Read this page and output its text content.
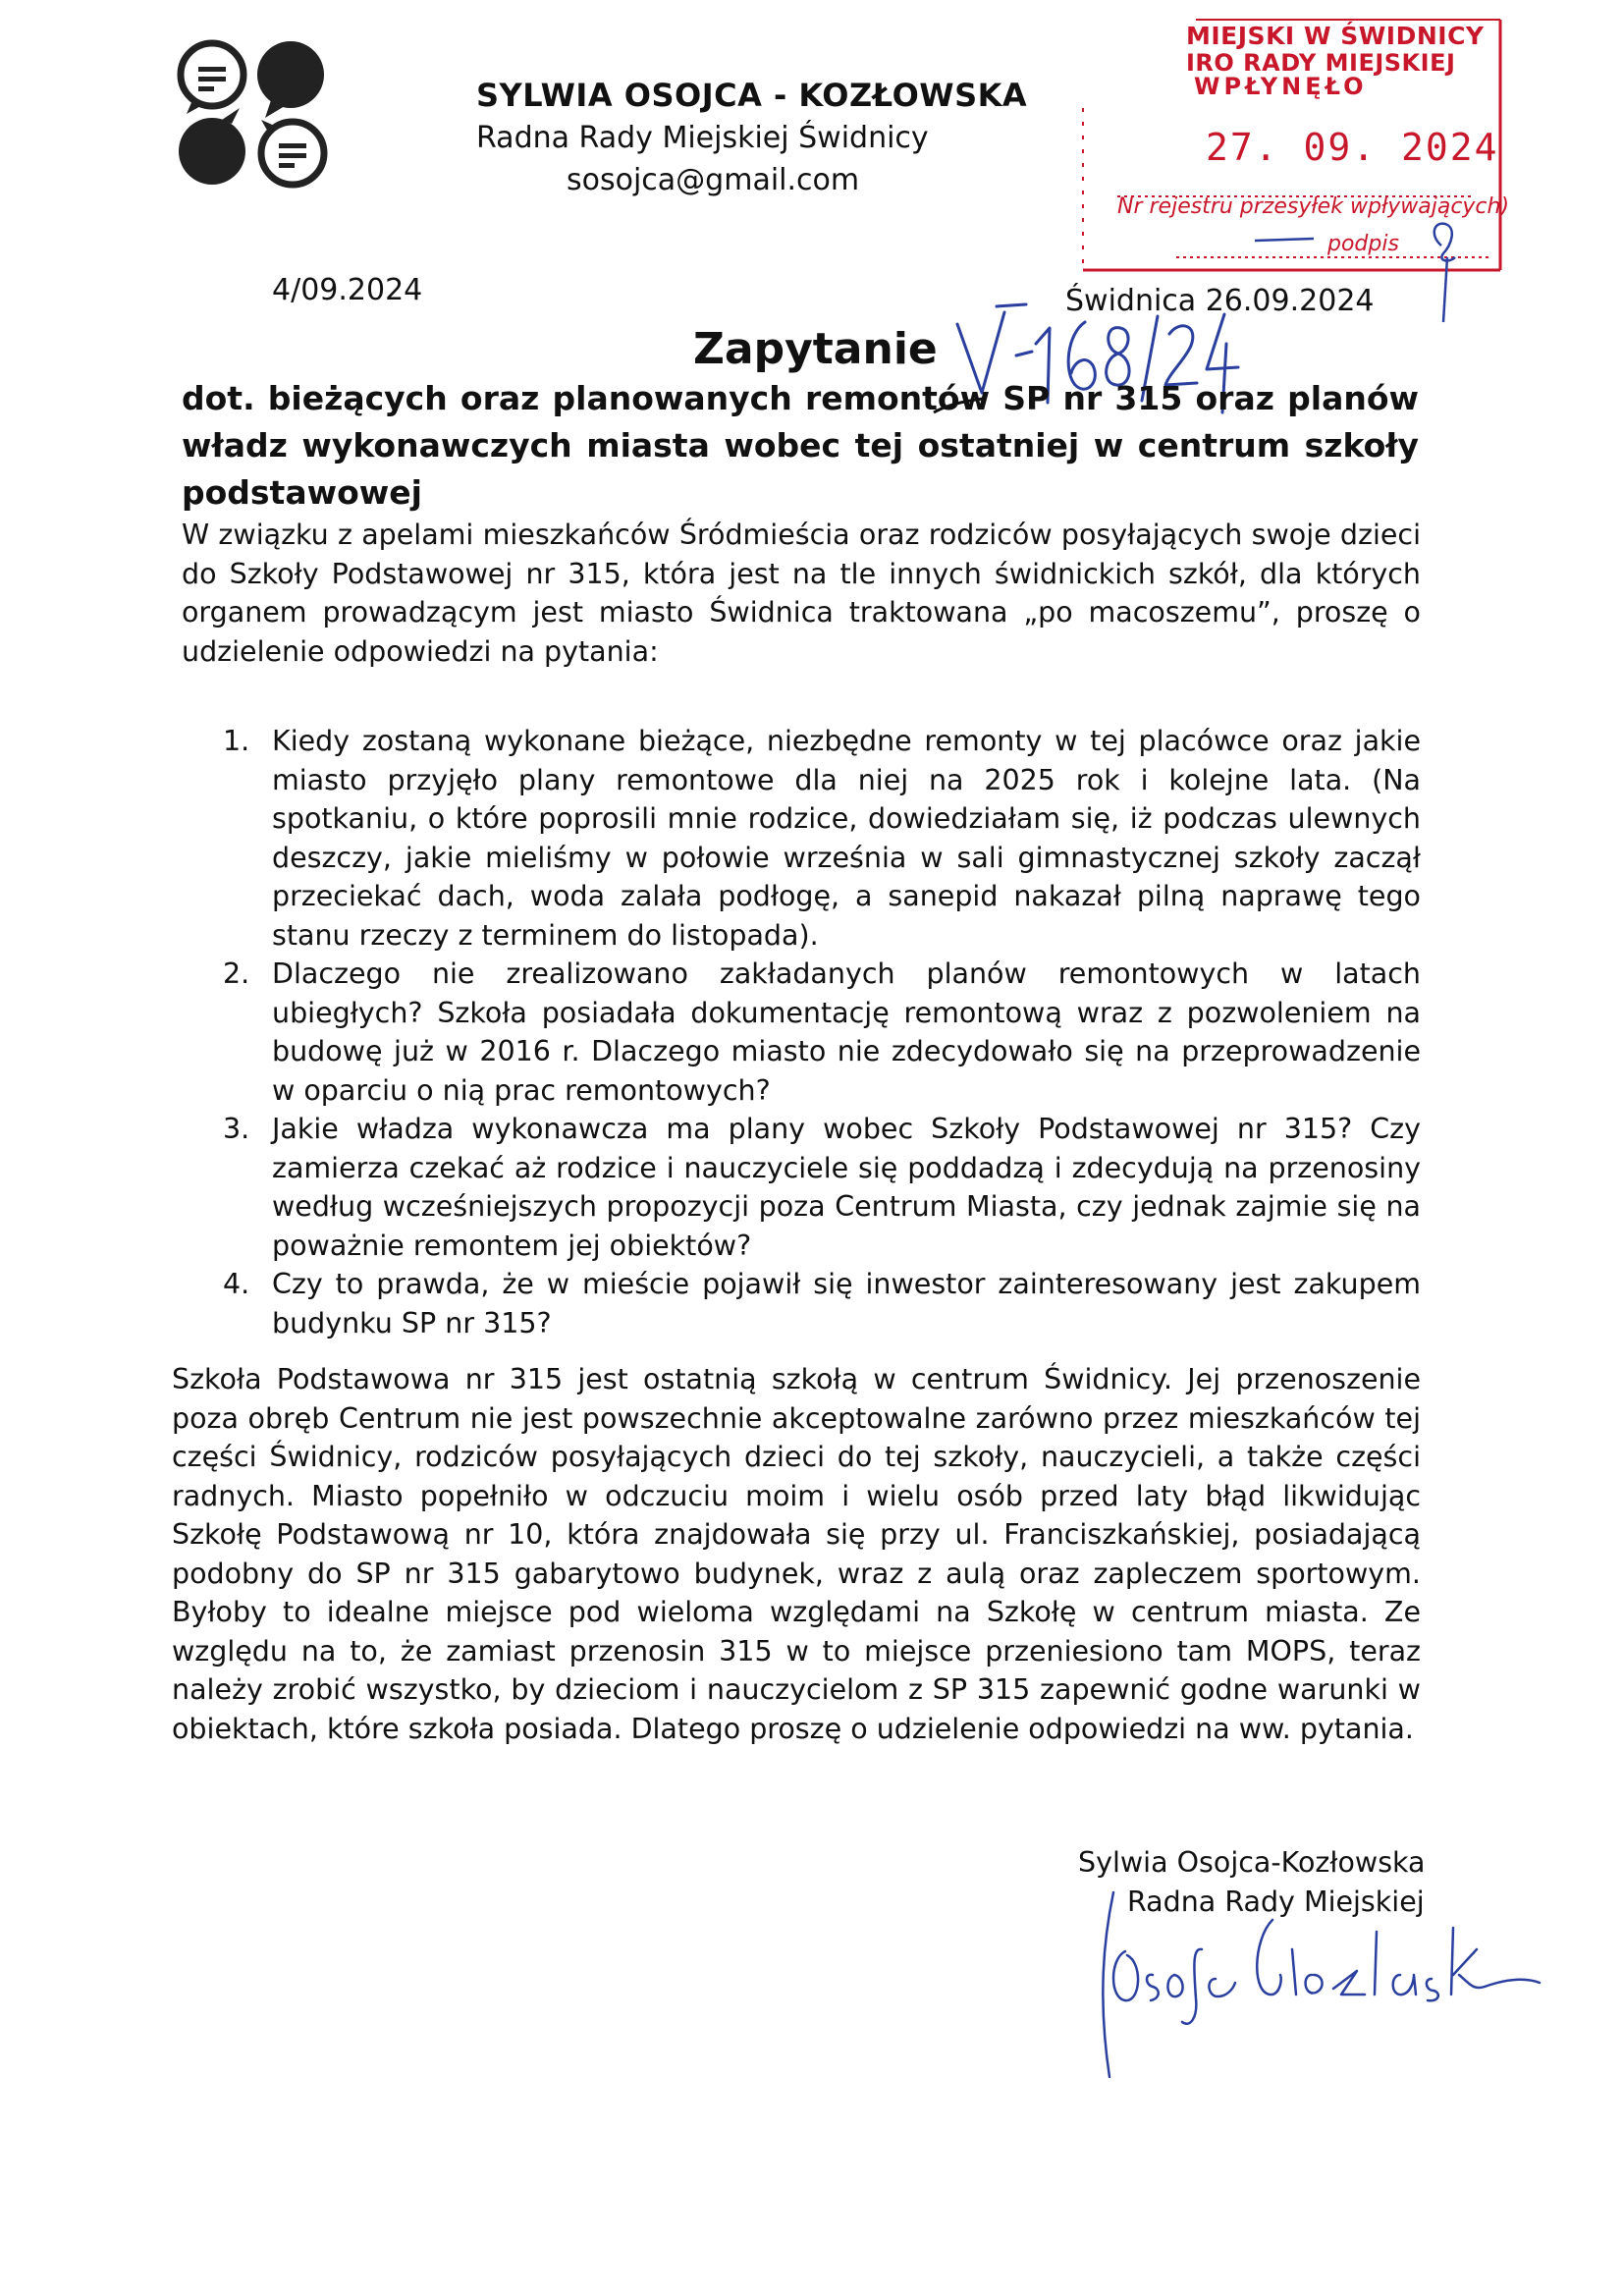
SYLWIA OSOJCA - KOZŁOWSKA
Radna Rady Miejskiej Świdnicy
sosojca@gmail.com
MIEJSKI W ŚWIDNICY
IRO RADY MIEJSKIEJ
WPŁYNĘŁO
27. 09. 2024
Nr rejestru przesyłek wpływających)
podpis
4/09.2024	Świdnica 26.09.2024
Zapytanie
dot. bieżących oraz planowanych remontów SP nr 315 oraz planów władz wykonawczych miasta wobec tej ostatniej w centrum szkoły podstawowej

W związku z apelami mieszkańców Śródmieścia oraz rodziców posyłających swoje dzieci do Szkoły Podstawowej nr 315, która jest na tle innych świdnickich szkół, dla których organem prowadzącym jest miasto Świdnica traktowana „po macoszemu”, proszę o udzielenie odpowiedzi na pytania:

1. Kiedy zostaną wykonane bieżące, niezbędne remonty w tej placówce oraz jakie miasto przyjęło plany remontowe dla niej na 2025 rok i kolejne lata. (Na spotkaniu, o które poprosili mnie rodzice, dowiedziałam się, iż podczas ulewnych deszczy, jakie mieliśmy w połowie września w sali gimnastycznej szkoły zaczął przeciekać dach, woda zalała podłogę, a sanepid nakazał pilną naprawę tego stanu rzeczy z terminem do listopada).

2. Dlaczego nie zrealizowano zakładanych planów remontowych w latach ubiegłych? Szkoła posiadała dokumentację remontową wraz z pozwoleniem na budowę już w 2016 r. Dlaczego miasto nie zdecydowało się na przeprowadzenie w oparciu o nią prac remontowych?

3. Jakie władza wykonawcza ma plany wobec Szkoły Podstawowej nr 315? Czy zamierza czekać aż rodzice i nauczyciele się poddadzą i zdecydują na przenosiny według wcześniejszych propozycji poza Centrum Miasta, czy jednak zajmie się na poważnie remontem jej obiektów?

4. Czy to prawda, że w mieście pojawił się inwestor zainteresowany jest zakupem budynku SP nr 315?

Szkoła Podstawowa nr 315 jest ostatnią szkołą w centrum Świdnicy. Jej przenoszenie poza obręb Centrum nie jest powszechnie akceptowalne zarówno przez mieszkańców tej części Świdnicy, rodziców posyłających dzieci do tej szkoły, nauczycieli, a także części radnych. Miasto popełniło w odczuciu moim i wielu osób przed laty błąd likwidując Szkołę Podstawową nr 10, która znajdowała się przy ul. Franciszkańskiej, posiadającą podobny do SP nr 315 gabarytowo budynek, wraz z aulą oraz zapleczem sportowym. Byłoby to idealne miejsce pod wieloma względami na Szkołę w centrum miasta. Ze względu na to, że zamiast przenosin 315 w to miejsce przeniesiono tam MOPS, teraz należy zrobić wszystko, by dzieciom i nauczycielom z SP 315 zapewnić godne warunki w obiektach, które szkoła posiada. Dlatego proszę o udzielenie odpowiedzi na ww. pytania.

Sylwia Osojca-Kozłowska
Radna Rady Miejskiej
